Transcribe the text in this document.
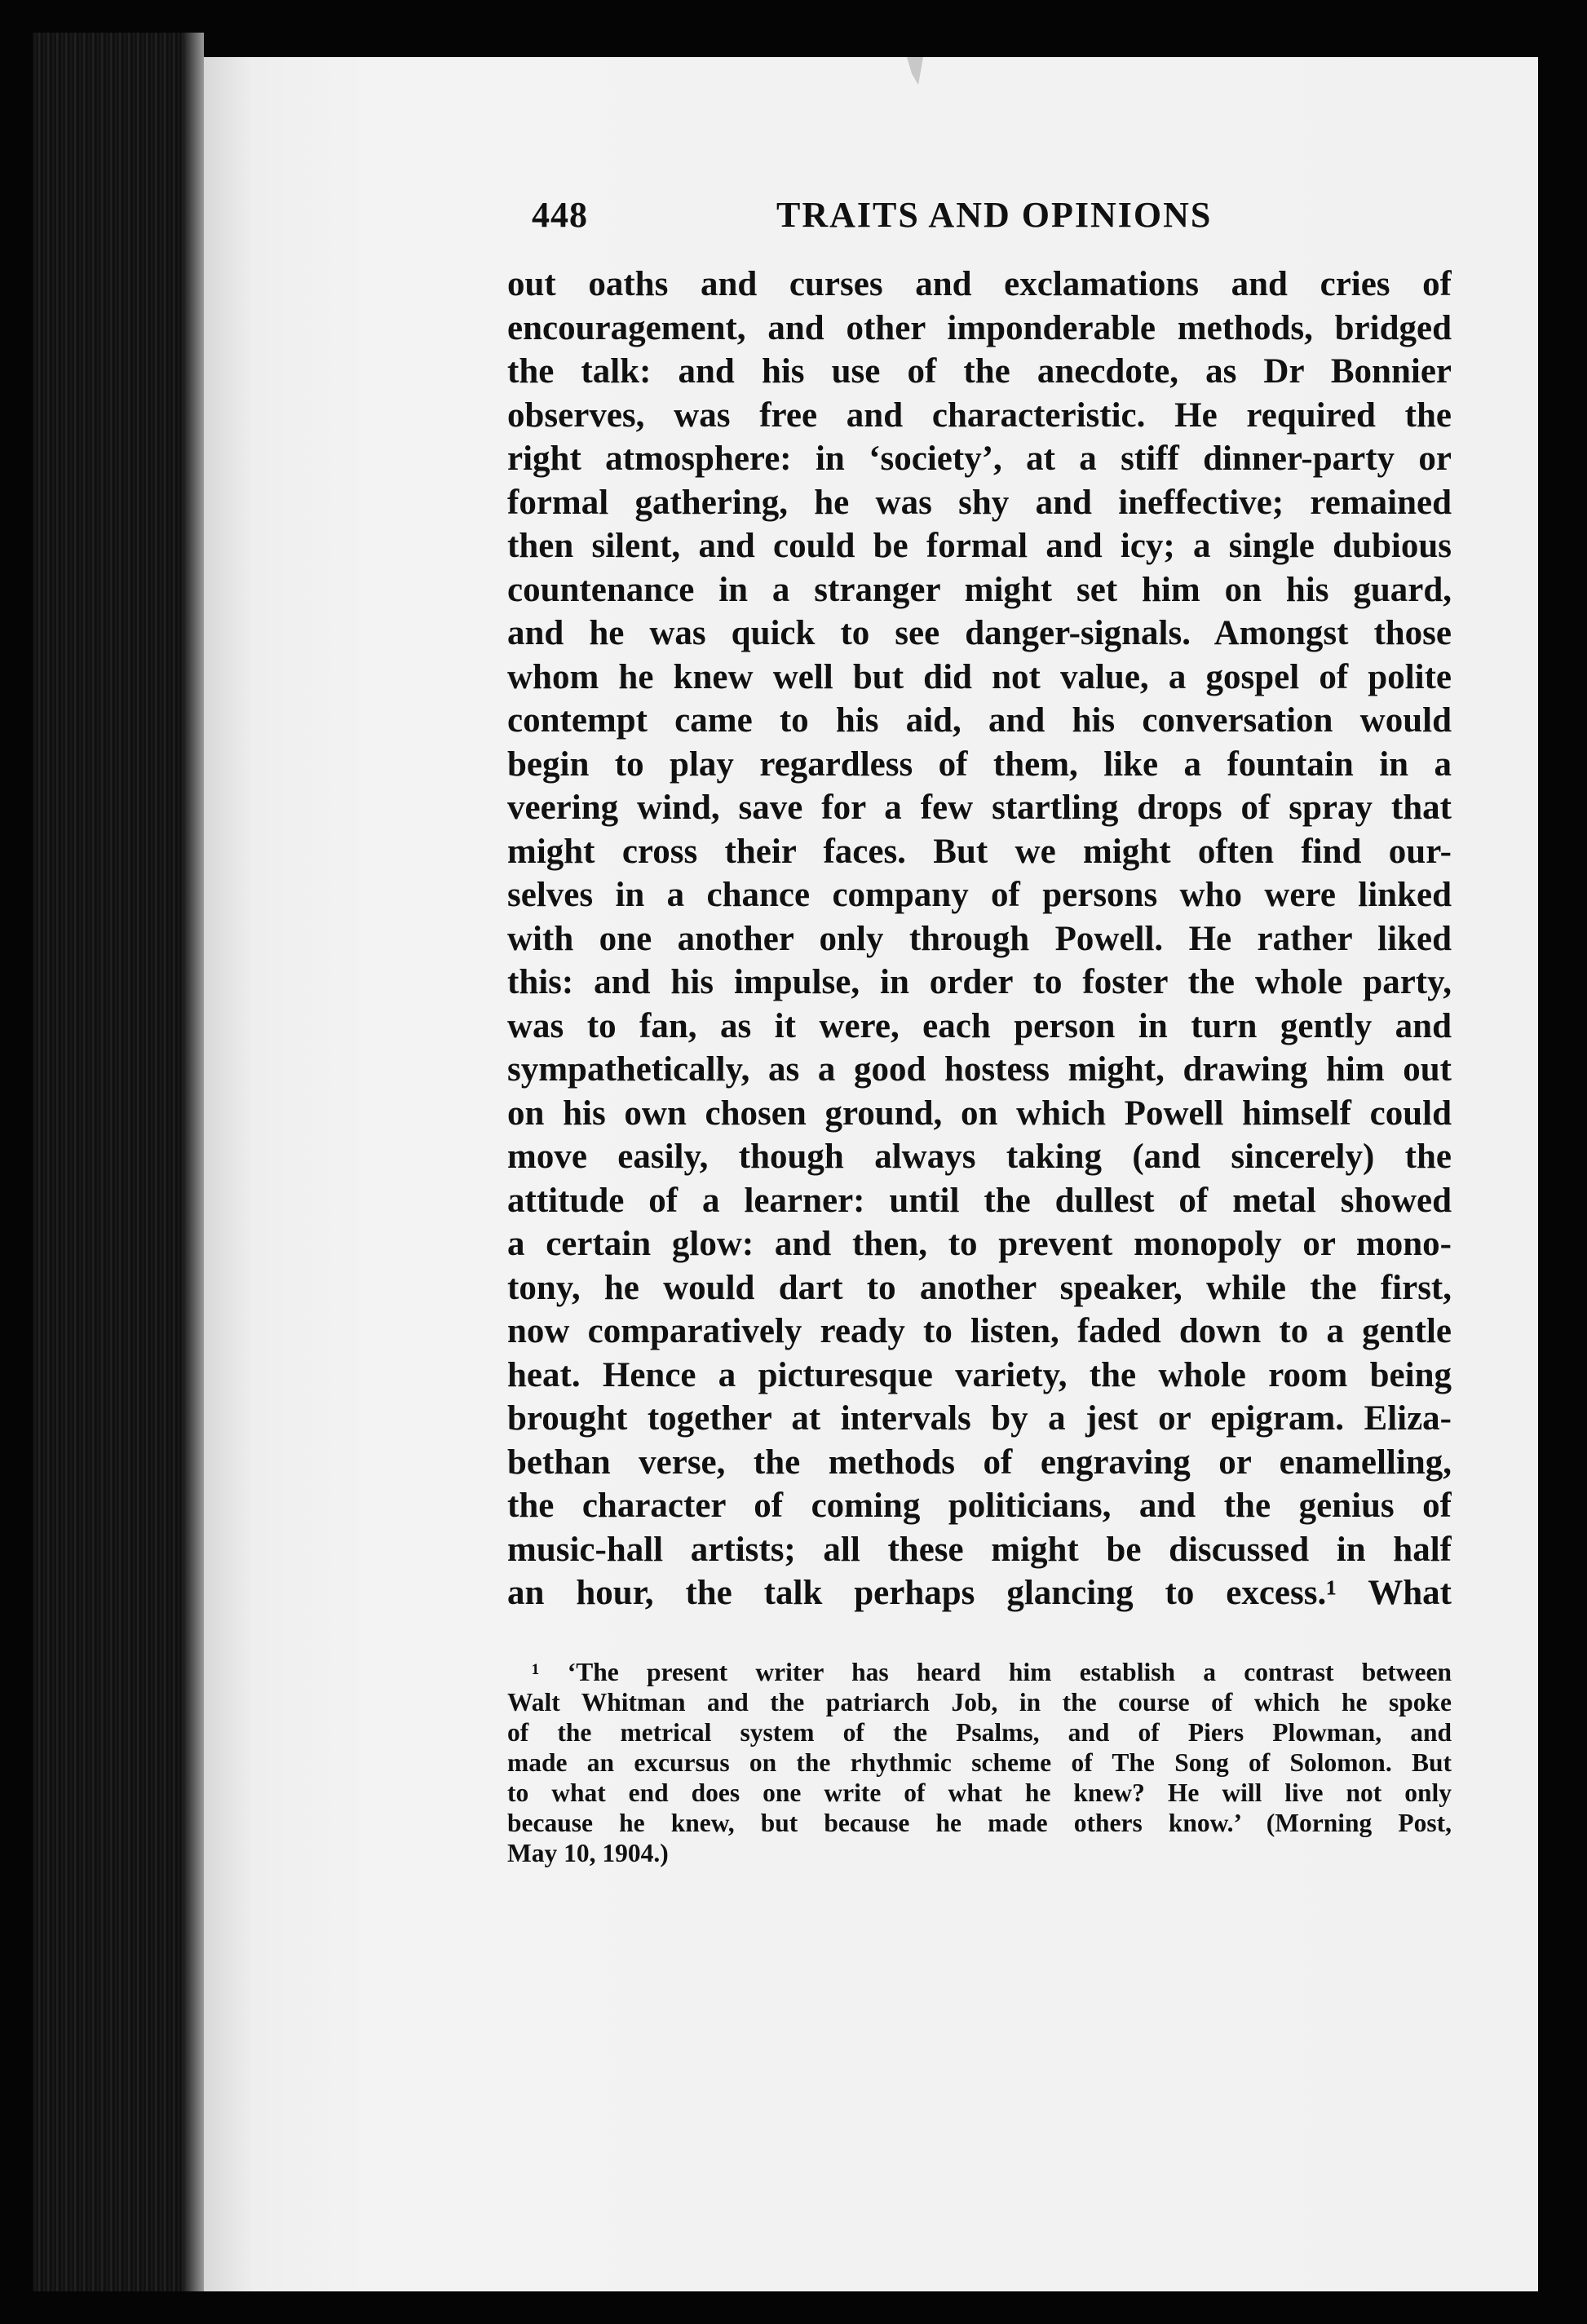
448	TRAITS AND OPINIONS
out oaths and curses and exclamations and cries of
encouragement, and other imponderable methods, bridged
the talk: and his use of the anecdote, as Dr Bonnier
observes, was free and characteristic. He required the
right atmosphere: in ‘society’, at a stiff dinner-party or
formal gathering, he was shy and ineffective; remained
then silent, and could be formal and icy; a single dubious
countenance in a stranger might set him on his guard,
and he was quick to see danger-signals. Amongst those
whom he knew well but did not value, a gospel of polite
contempt came to his aid, and his conversation would
begin to play regardless of them, like a fountain in a
veering wind, save for a few startling drops of spray that
might cross their faces. But we might often find our-
selves in a chance company of persons who were linked
with one another only through Powell. He rather liked
this: and his impulse, in order to foster the whole party,
was to fan, as it were, each person in turn gently and
sympathetically, as a good hostess might, drawing him out
on his own chosen ground, on which Powell himself could
move easily, though always taking (and sincerely) the
attitude of a learner: until the dullest of metal showed
a certain glow: and then, to prevent monopoly or mono-
tony, he would dart to another speaker, while the first,
now comparatively ready to listen, faded down to a gentle
heat. Hence a picturesque variety, the whole room being
brought together at intervals by a jest or epigram. Eliza-
bethan verse, the methods of engraving or enamelling,
the character of coming politicians, and the genius of
music-hall artists; all these might be discussed in half
an hour, the talk perhaps glancing to excess.¹ What
¹ ‘The present writer has heard him establish a contrast between
Walt Whitman and the patriarch Job, in the course of which he spoke
of the metrical system of the Psalms, and of Piers Plowman, and
made an excursus on the rhythmic scheme of The Song of Solomon. But
to what end does one write of what he knew? He will live not only
because he knew, but because he made others know.’ (Morning Post,
May 10, 1904.)
